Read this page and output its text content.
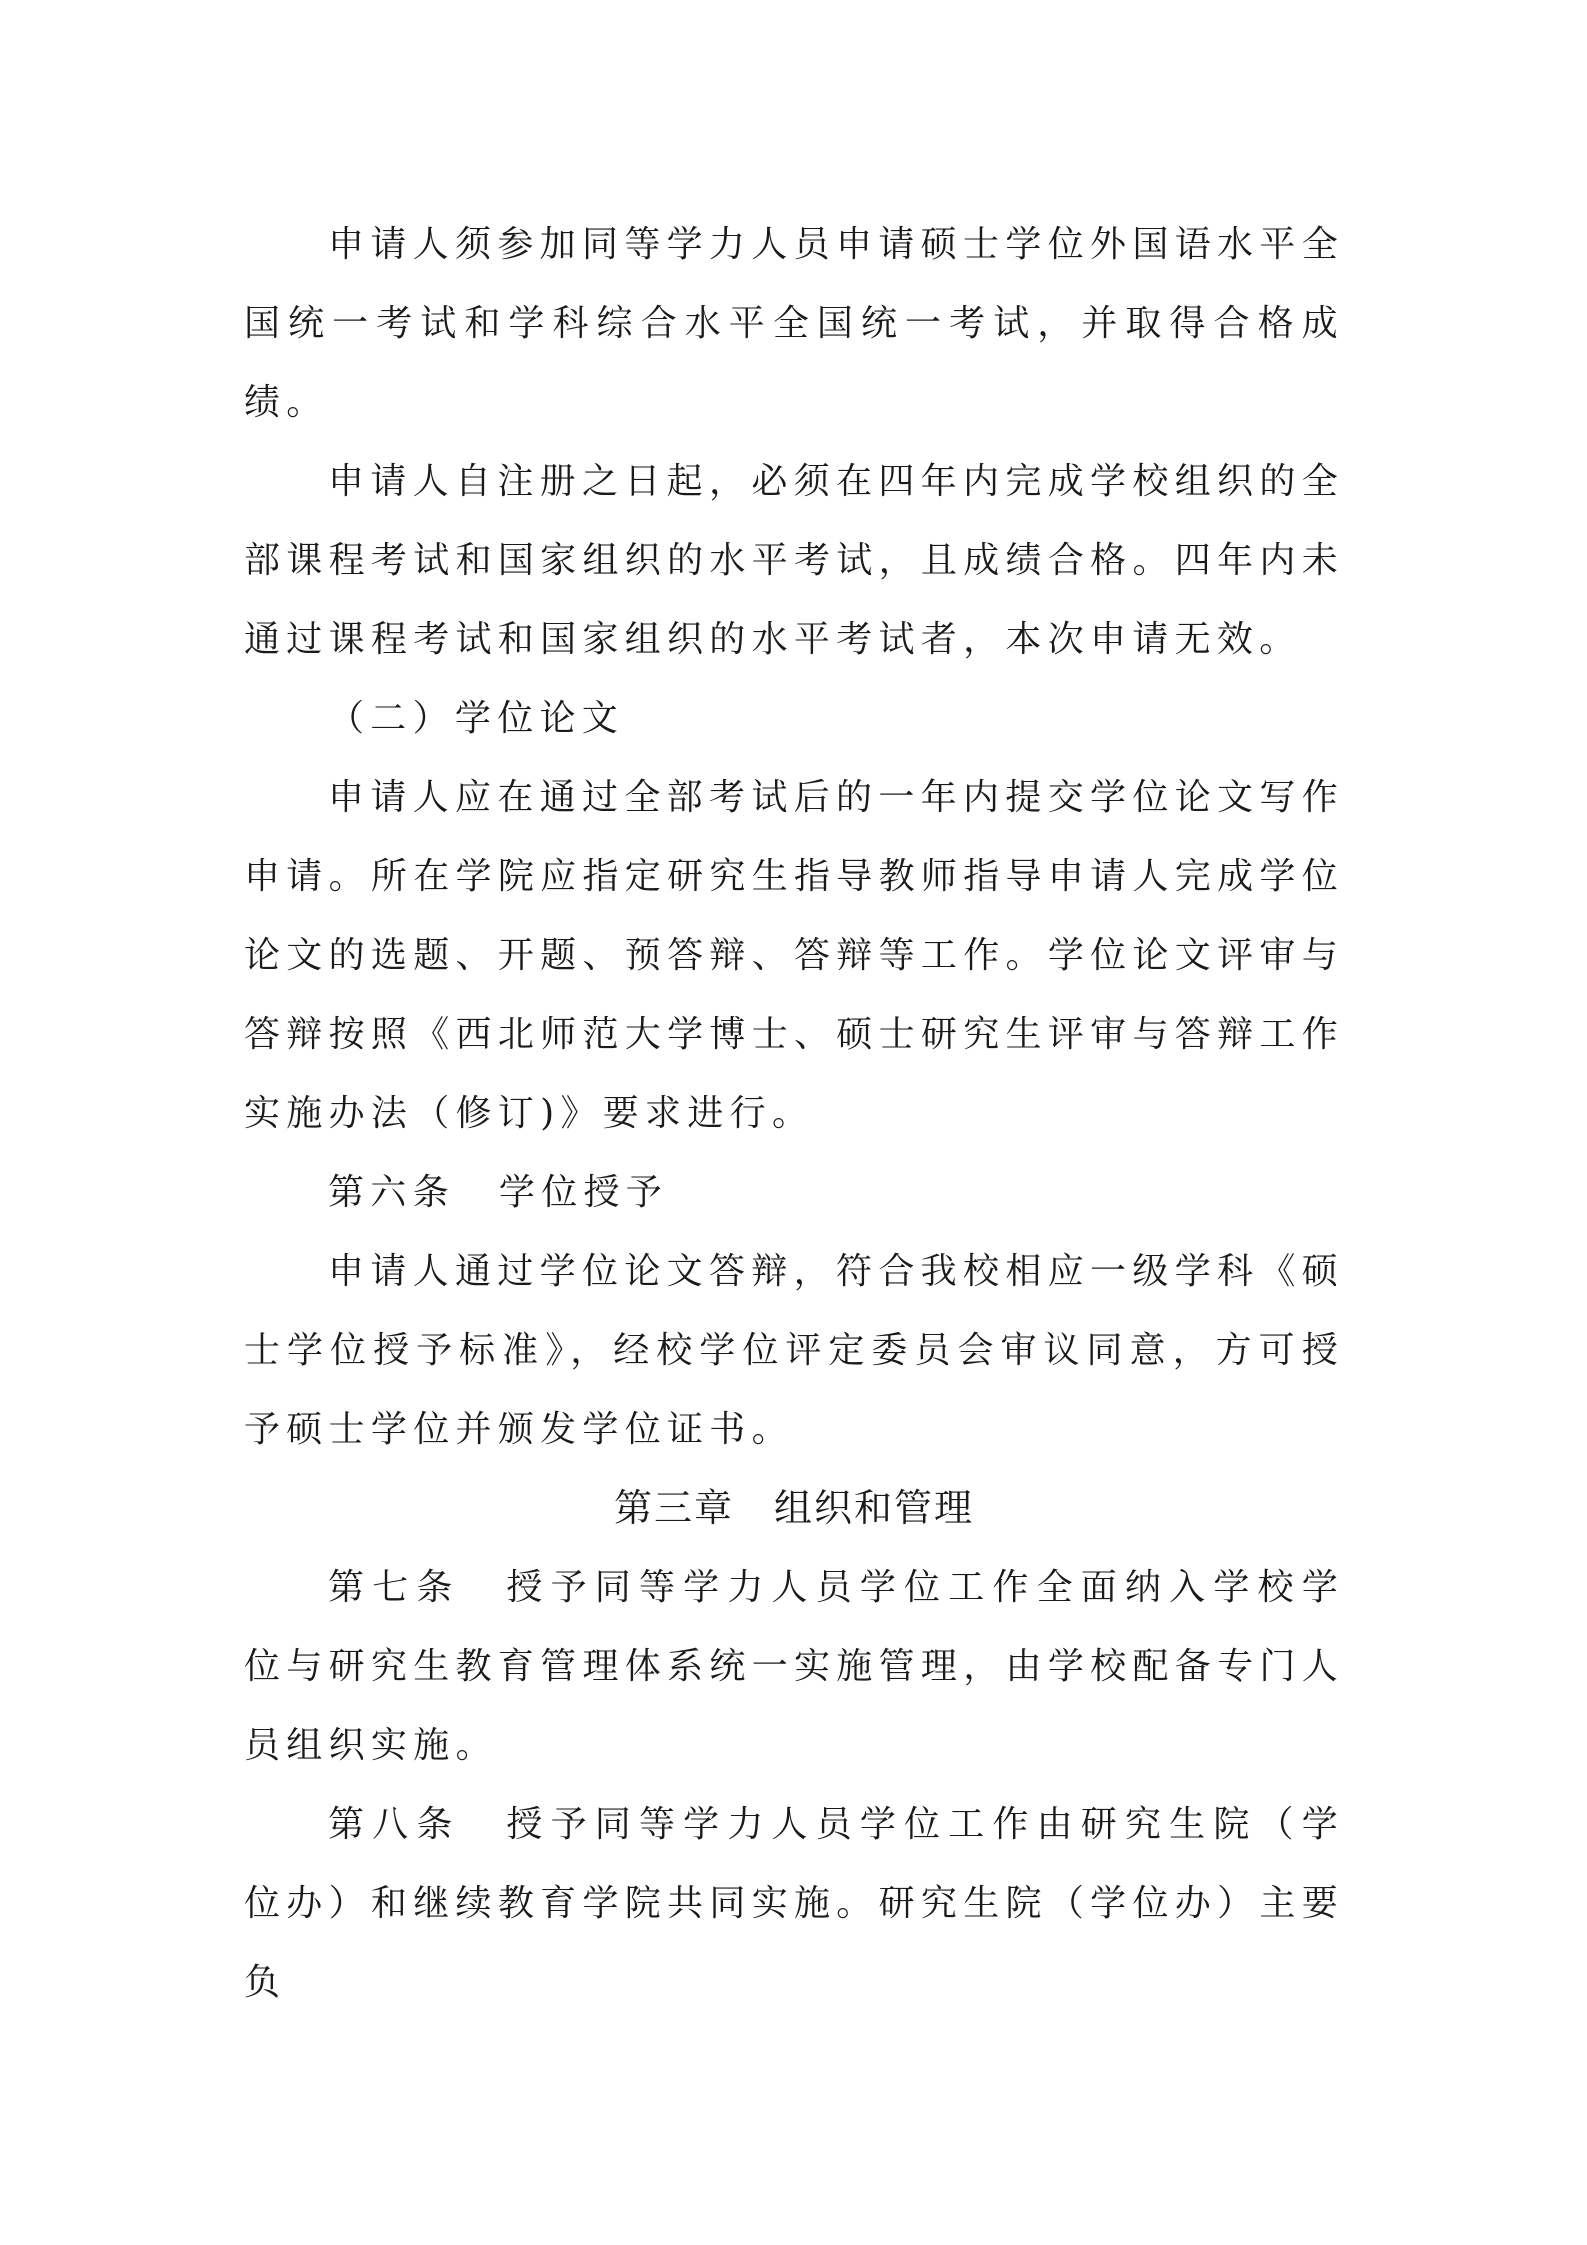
申请人须参加同等学力人员申请硕士学位外国语水平全国统一考试和学科综合水平全国统一考试，并取得合格成绩。

申请人自注册之日起，必须在四年内完成学校组织的全部课程考试和国家组织的水平考试，且成绩合格。四年内未通过课程考试和国家组织的水平考试者，本次申请无效。

（二）学位论文

申请人应在通过全部考试后的一年内提交学位论文写作申请。所在学院应指定研究生指导教师指导申请人完成学位论文的选题、开题、预答辩、答辩等工作。学位论文评审与答辩按照《西北师范大学博士、硕士研究生评审与答辩工作实施办法（修订)》要求进行。

第六条 学位授予

申请人通过学位论文答辩，符合我校相应一级学科《硕士学位授予标准》，经校学位评定委员会审议同意，方可授予硕士学位并颁发学位证书。

第三章 组织和管理

第七条 授予同等学力人员学位工作全面纳入学校学位与研究生教育管理体系统一实施管理，由学校配备专门人员组织实施。

第八条 授予同等学力人员学位工作由研究生院（学位办）和继续教育学院共同实施。研究生院（学位办）主要负
